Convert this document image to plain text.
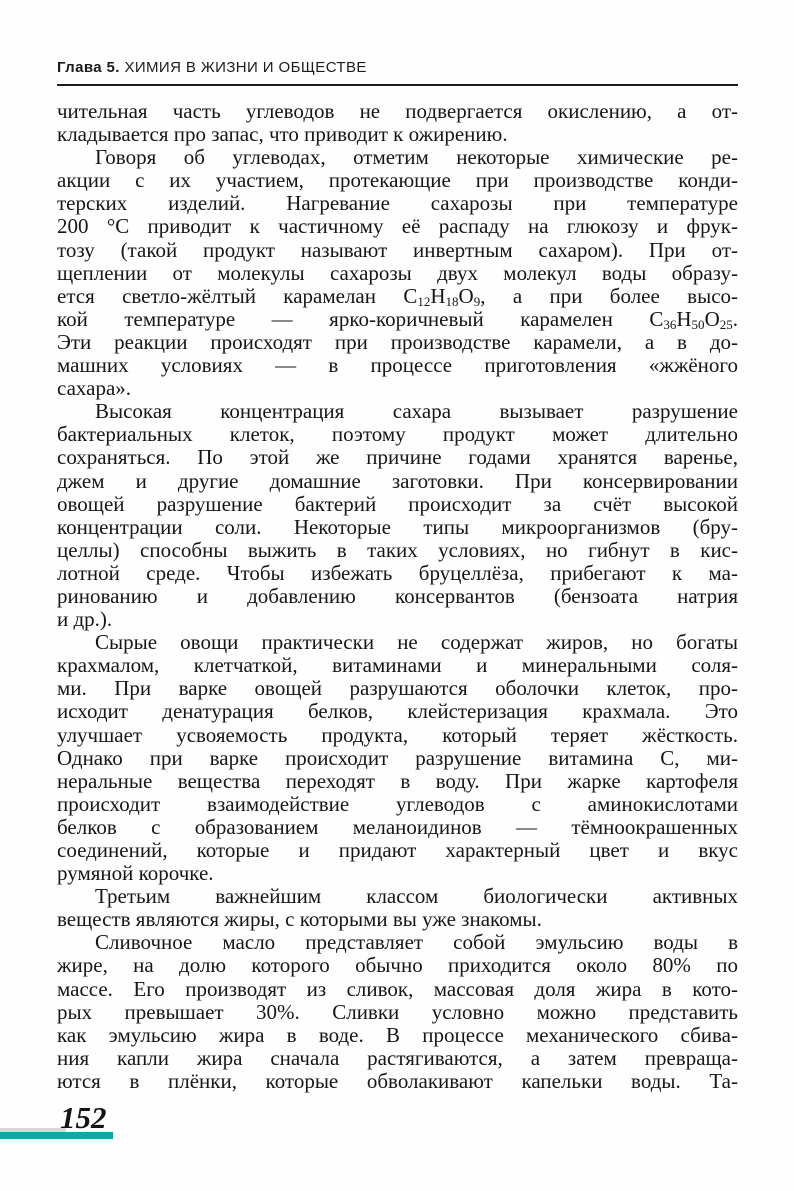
Глава 5. ХИМИЯ В ЖИЗНИ И ОБЩЕСТВЕ
чительная часть углеводов не подвергается окислению, а от-
кладывается про запас, что приводит к ожирению.
Говоря об углеводах, отметим некоторые химические ре-
акции с их участием, протекающие при производстве конди-
терских изделий. Нагревание сахарозы при температуре
200 °С приводит к частичному её распаду на глюкозу и фрук-
тозу (такой продукт называют инвертным сахаром). При от-
щеплении от молекулы сахарозы двух молекул воды образу-
ется светло-жёлтый карамелан $C_{12}H_{18}O_9$, а при более высо-
кой температуре — ярко-коричневый карамелен $C_{36}H_{50}O_{25}$.
Эти реакции происходят при производстве карамели, а в до-
машних условиях — в процессе приготовления «жжёного
сахара».
Высокая концентрация сахара вызывает разрушение
бактериальных клеток, поэтому продукт может длительно
сохраняться. По этой же причине годами хранятся варенье,
джем и другие домашние заготовки. При консервировании
овощей разрушение бактерий происходит за счёт высокой
концентрации соли. Некоторые типы микроорганизмов (бру-
целлы) способны выжить в таких условиях, но гибнут в кис-
лотной среде. Чтобы избежать бруцеллёза, прибегают к ма-
ринованию и добавлению консервантов (бензоата натрия
и др.).
Сырые овощи практически не содержат жиров, но богаты
крахмалом, клетчаткой, витаминами и минеральными соля-
ми. При варке овощей разрушаются оболочки клеток, про-
исходит денатурация белков, клейстеризация крахмала. Это
улучшает усвояемость продукта, который теряет жёсткость.
Однако при варке происходит разрушение витамина С, ми-
неральные вещества переходят в воду. При жарке картофеля
происходит взаимодействие углеводов с аминокислотами
белков с образованием меланоидинов — тёмноокрашенных
соединений, которые и придают характерный цвет и вкус
румяной корочке.
Третьим важнейшим классом биологически активных
веществ являются жиры, с которыми вы уже знакомы.
Сливочное масло представляет собой эмульсию воды в
жире, на долю которого обычно приходится около 80% по
массе. Его производят из сливок, массовая доля жира в кото-
рых превышает 30%. Сливки условно можно представить
как эмульсию жира в воде. В процессе механического сбива-
ния капли жира сначала растягиваются, а затем превраща-
ются в плёнки, которые обволакивают капельки воды. Та-
152
